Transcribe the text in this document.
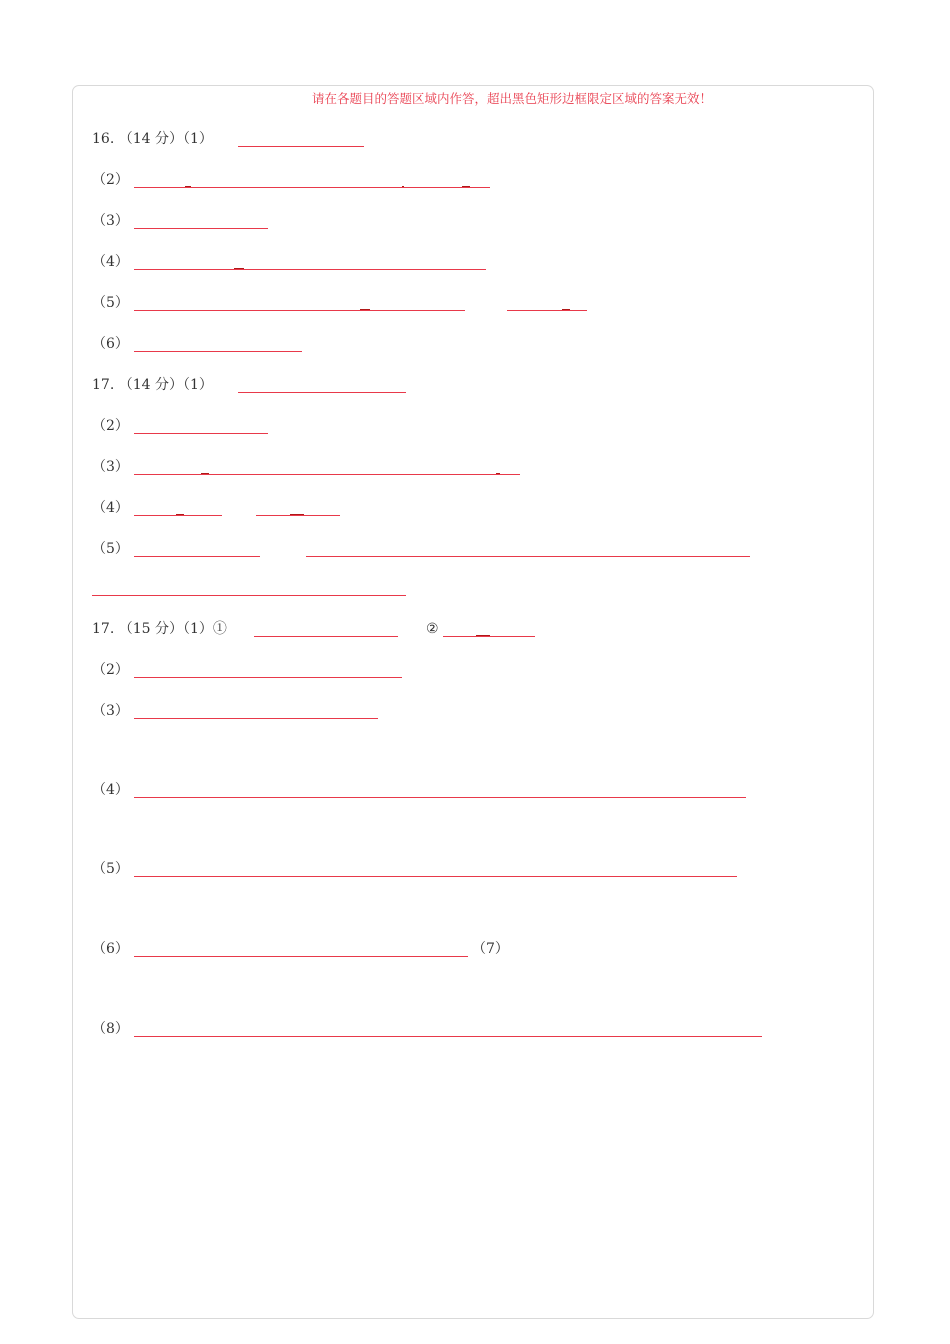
请在各题目的答题区域内作答，超出黑色矩形边框限定区域的答案无效！
16. （14 分）（1）
（2）
（3）
（4）
（5）
（6）
17. （14 分）（1）
（2）
（3）
（4）
（5）
17. （15 分）（1）①	②
（2）
（3）
（4）
（5）
（6）	（7）
（8）
